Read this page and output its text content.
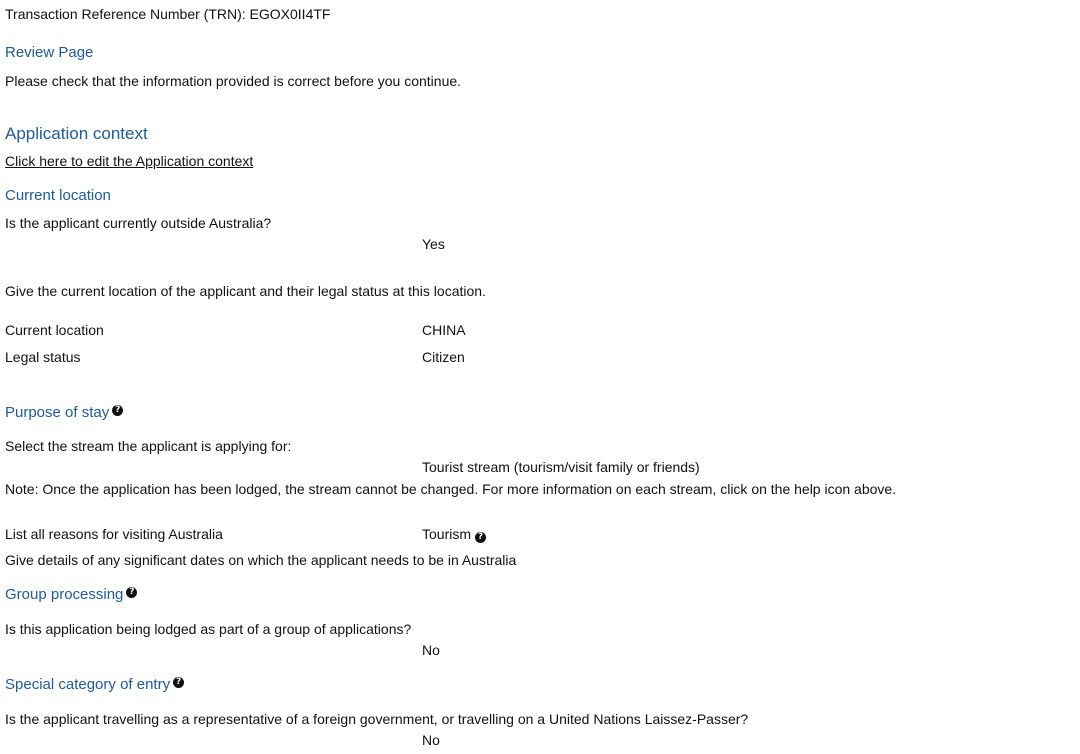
Transaction Reference Number (TRN): EGOX0II4TF
Review Page
Please check that the information provided is correct before you continue.
Application context
Click here to edit the Application context
Current location
Is the applicant currently outside Australia?
Yes
Give the current location of the applicant and their legal status at this location.
Current location	CHINA
Legal status	Citizen
Purpose of stay ?
Select the stream the applicant is applying for:
Tourist stream (tourism/visit family or friends)
Note: Once the application has been lodged, the stream cannot be changed. For more information on each stream, click on the help icon above.
List all reasons for visiting Australia	Tourism ?
Give details of any significant dates on which the applicant needs to be in Australia
Group processing ?
Is this application being lodged as part of a group of applications?
No
Special category of entry ?
Is the applicant travelling as a representative of a foreign government, or travelling on a United Nations Laissez-Passer?
No
